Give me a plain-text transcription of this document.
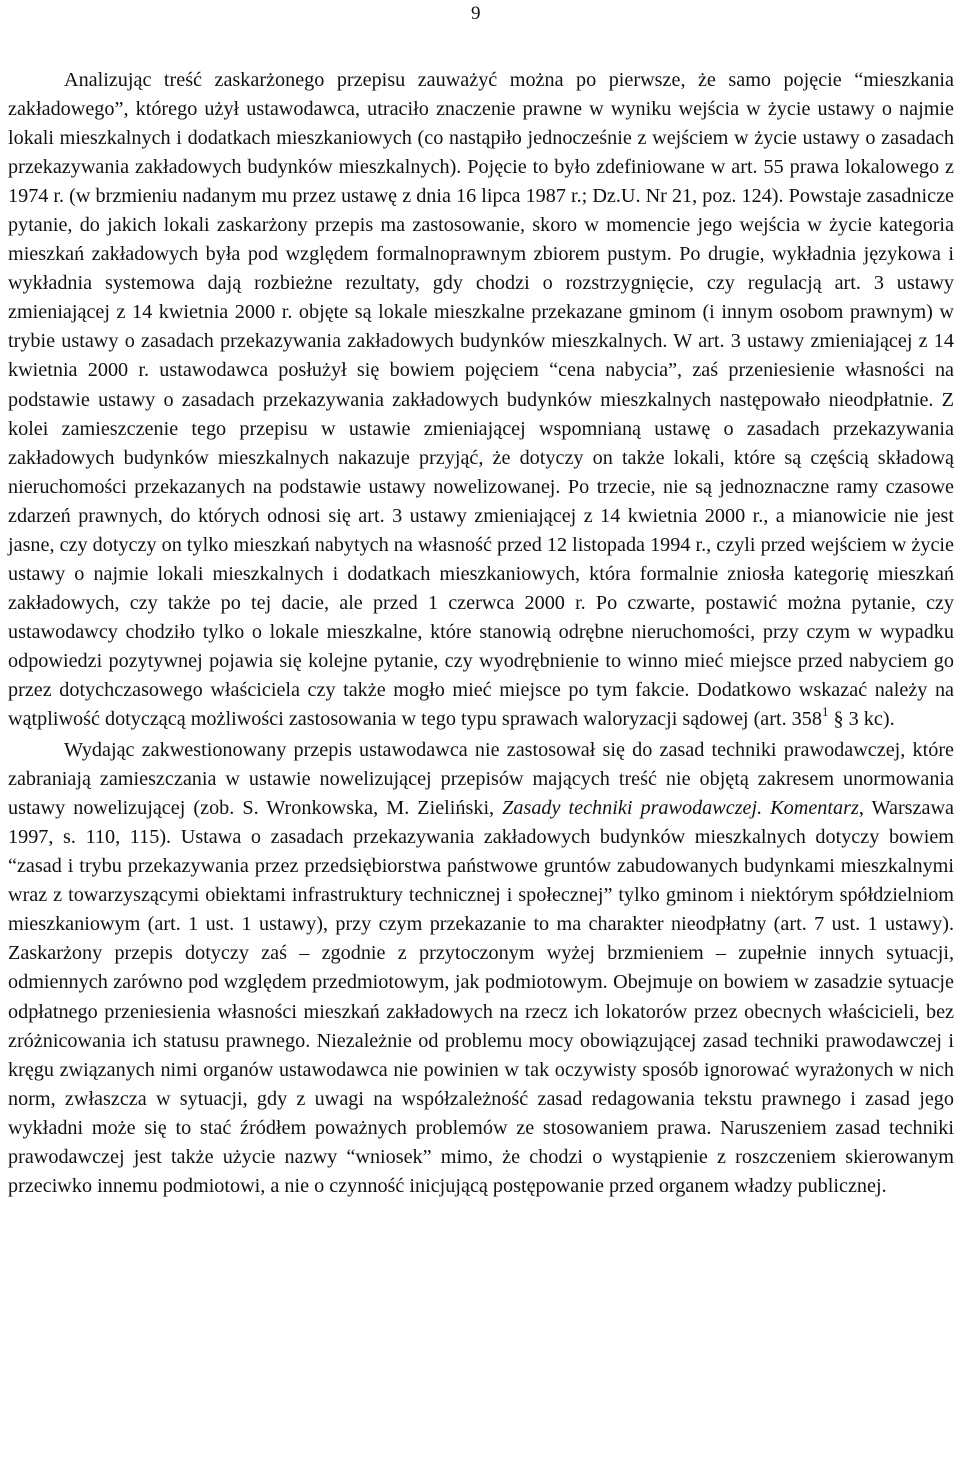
9

Analizując treść zaskarżonego przepisu zauważyć można po pierwsze, że samo pojęcie “mieszkania zakładowego”, którego użył ustawodawca, utraciło znaczenie prawne w wyniku wejścia w życie ustawy o najmie lokali mieszkalnych i dodatkach mieszkaniowych (co nastąpiło jednocześnie z wejściem w życie ustawy o zasadach przekazywania zakładowych budynków mieszkalnych). Pojęcie to było zdefiniowane w art. 55 prawa lokalowego z 1974 r. (w brzmieniu nadanym mu przez ustawę z dnia 16 lipca 1987 r.; Dz.U. Nr 21, poz. 124). Powstaje zasadnicze pytanie, do jakich lokali zaskarżony przepis ma zastosowanie, skoro w momencie jego wejścia w życie kategoria mieszkań zakładowych była pod względem formalnoprawnym zbiorem pustym. Po drugie, wykładnia językowa i wykładnia systemowa dają rozbieżne rezultaty, gdy chodzi o rozstrzygnięcie, czy regulacją art. 3 ustawy zmieniającej z 14 kwietnia 2000 r. objęte są lokale mieszkalne przekazane gminom (i innym osobom prawnym) w trybie ustawy o zasadach przekazywania zakładowych budynków mieszkalnych. W art. 3 ustawy zmieniającej z 14 kwietnia 2000 r. ustawodawca posłużył się bowiem pojęciem “cena nabycia”, zaś przeniesienie własności na podstawie ustawy o zasadach przekazywania zakładowych budynków mieszkalnych następowało nieodpłatnie. Z kolei zamieszczenie tego przepisu w ustawie zmieniającej wspomnianą ustawę o zasadach przekazywania zakładowych budynków mieszkalnych nakazuje przyjąć, że dotyczy on także lokali, które są częścią składową nieruchomości przekazanych na podstawie ustawy nowelizowanej. Po trzecie, nie są jednoznaczne ramy czasowe zdarzeń prawnych, do których odnosi się art. 3 ustawy zmieniającej z 14 kwietnia 2000 r., a mianowicie nie jest jasne, czy dotyczy on tylko mieszkań nabytych na własność przed 12 listopada 1994 r., czyli przed wejściem w życie ustawy o najmie lokali mieszkalnych i dodatkach mieszkaniowych, która formalnie zniosła kategorię mieszkań zakładowych, czy także po tej dacie, ale przed 1 czerwca 2000 r. Po czwarte, postawić można pytanie, czy ustawodawcy chodziło tylko o lokale mieszkalne, które stanowią odrębne nieruchomości, przy czym w wypadku odpowiedzi pozytywnej pojawia się kolejne pytanie, czy wyodrębnienie to winno mieć miejsce przed nabyciem go przez dotychczasowego właściciela czy także mogło mieć miejsce po tym fakcie. Dodatkowo wskazać należy na wątpliwość dotyczącą możliwości zastosowania w tego typu sprawach waloryzacji sądowej (art. $358^1$ § 3 kc).

Wydając zakwestionowany przepis ustawodawca nie zastosował się do zasad techniki prawodawczej, które zabraniają zamieszczania w ustawie nowelizującej przepisów mających treść nie objętą zakresem unormowania ustawy nowelizującej (zob. S. Wronkowska, M. Zieliński, Zasady techniki prawodawczej. Komentarz, Warszawa 1997, s. 110, 115). Ustawa o zasadach przekazywania zakładowych budynków mieszkalnych dotyczy bowiem “zasad i trybu przekazywania przez przedsiębiorstwa państwowe gruntów zabudowanych budynkami mieszkalnymi wraz z towarzyszącymi obiektami infrastruktury technicznej i społecznej” tylko gminom i niektórym spółdzielniom mieszkaniowym (art. 1 ust. 1 ustawy), przy czym przekazanie to ma charakter nieodpłatny (art. 7 ust. 1 ustawy). Zaskarżony przepis dotyczy zaś – zgodnie z przytoczonym wyżej brzmieniem – zupełnie innych sytuacji, odmiennych zarówno pod względem przedmiotowym, jak podmiotowym. Obejmuje on bowiem w zasadzie sytuacje odpłatnego przeniesienia własności mieszkań zakładowych na rzecz ich lokatorów przez obecnych właścicieli, bez zróżnicowania ich statusu prawnego. Niezależnie od problemu mocy obowiązującej zasad techniki prawodawczej i kręgu związanych nimi organów ustawodawca nie powinien w tak oczywisty sposób ignorować wyrażonych w nich norm, zwłaszcza w sytuacji, gdy z uwagi na współzależność zasad redagowania tekstu prawnego i zasad jego wykładni może się to stać źródłem poważnych problemów ze stosowaniem prawa. Naruszeniem zasad techniki prawodawczej jest także użycie nazwy “wniosek” mimo, że chodzi o wystąpienie z roszczeniem skierowanym przeciwko innemu podmiotowi, a nie o czynność inicjującą postępowanie przed organem władzy publicznej.
